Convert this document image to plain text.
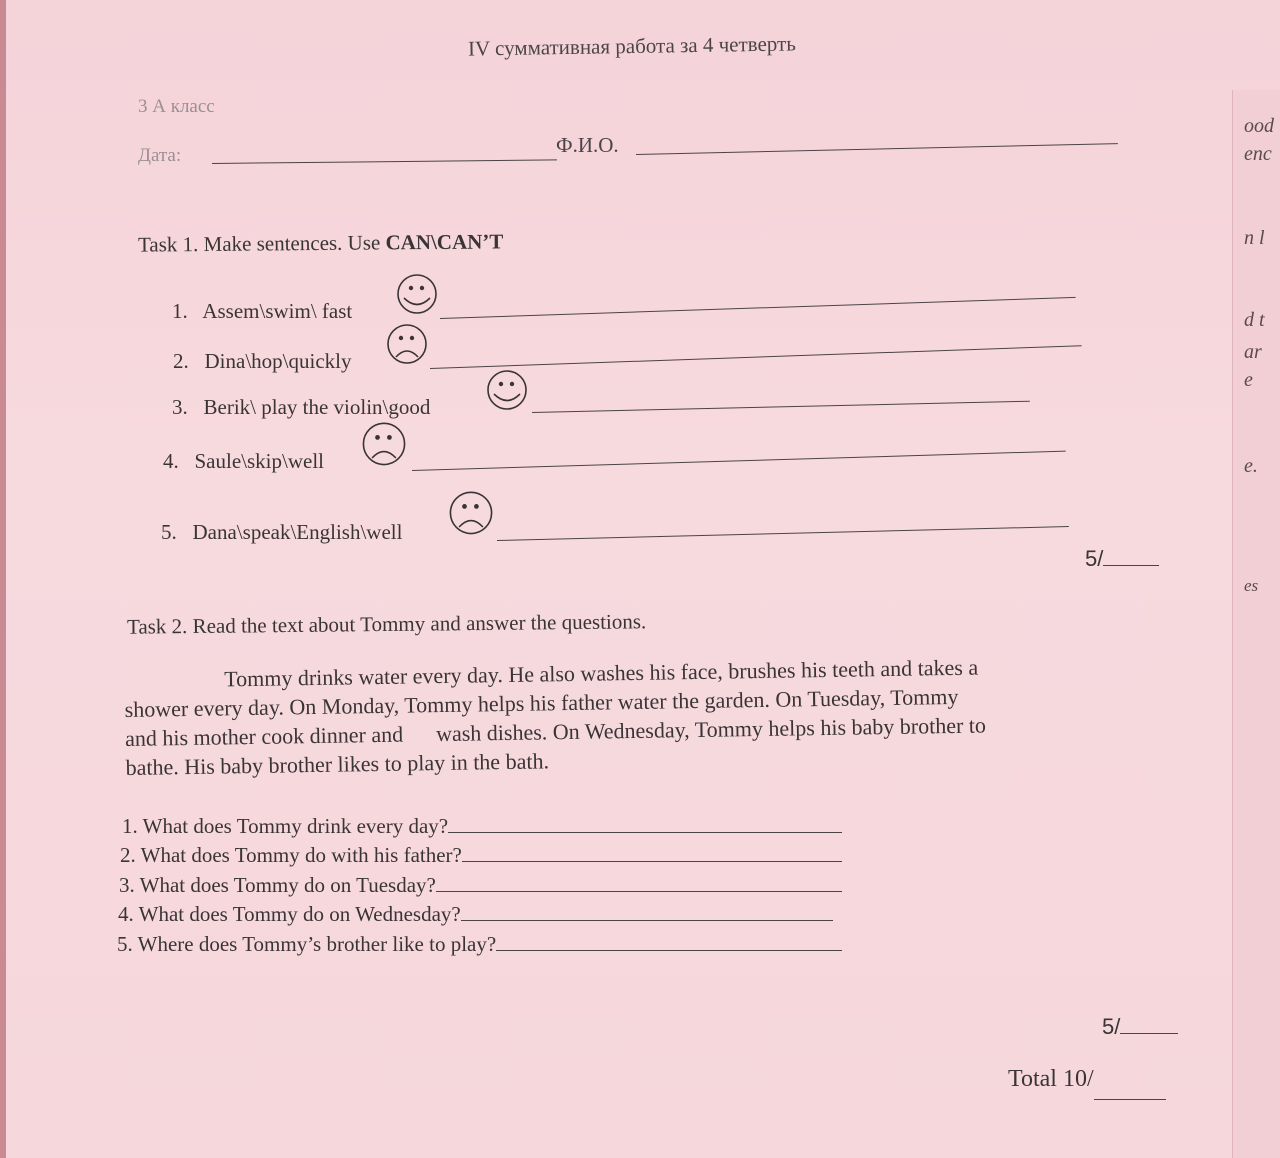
ood
enc
n l
d t
ar
e
e.
es
IV суммативная работа за 4 четверть
3 А класс
Дата:	Ф.И.О.
Task 1. Make sentences. Use CAN\CAN’T
1. Assem\swim\ fast
2. Dina\hop\quickly
3. Berik\ play the violin\good
4. Saule\skip\well
5. Dana\speak\English\well
5/
Task 2. Read the text about Tommy and answer the questions.

Tommy drinks water every day. He also washes his face, brushes his teeth and takes a

shower every day. On Monday, Tommy helps his father water the garden. On Tuesday, Tommy

and his mother cook dinner and      wash dishes. On Wednesday, Tommy helps his baby brother to

bathe. His baby brother likes to play in the bath.

1. What does Tommy drink every day?
2. What does Tommy do with his father?
3. What does Tommy do on Tuesday?
4. What does Tommy do on Wednesday?
5. Where does Tommy’s brother like to play?
5/
Total 10/
